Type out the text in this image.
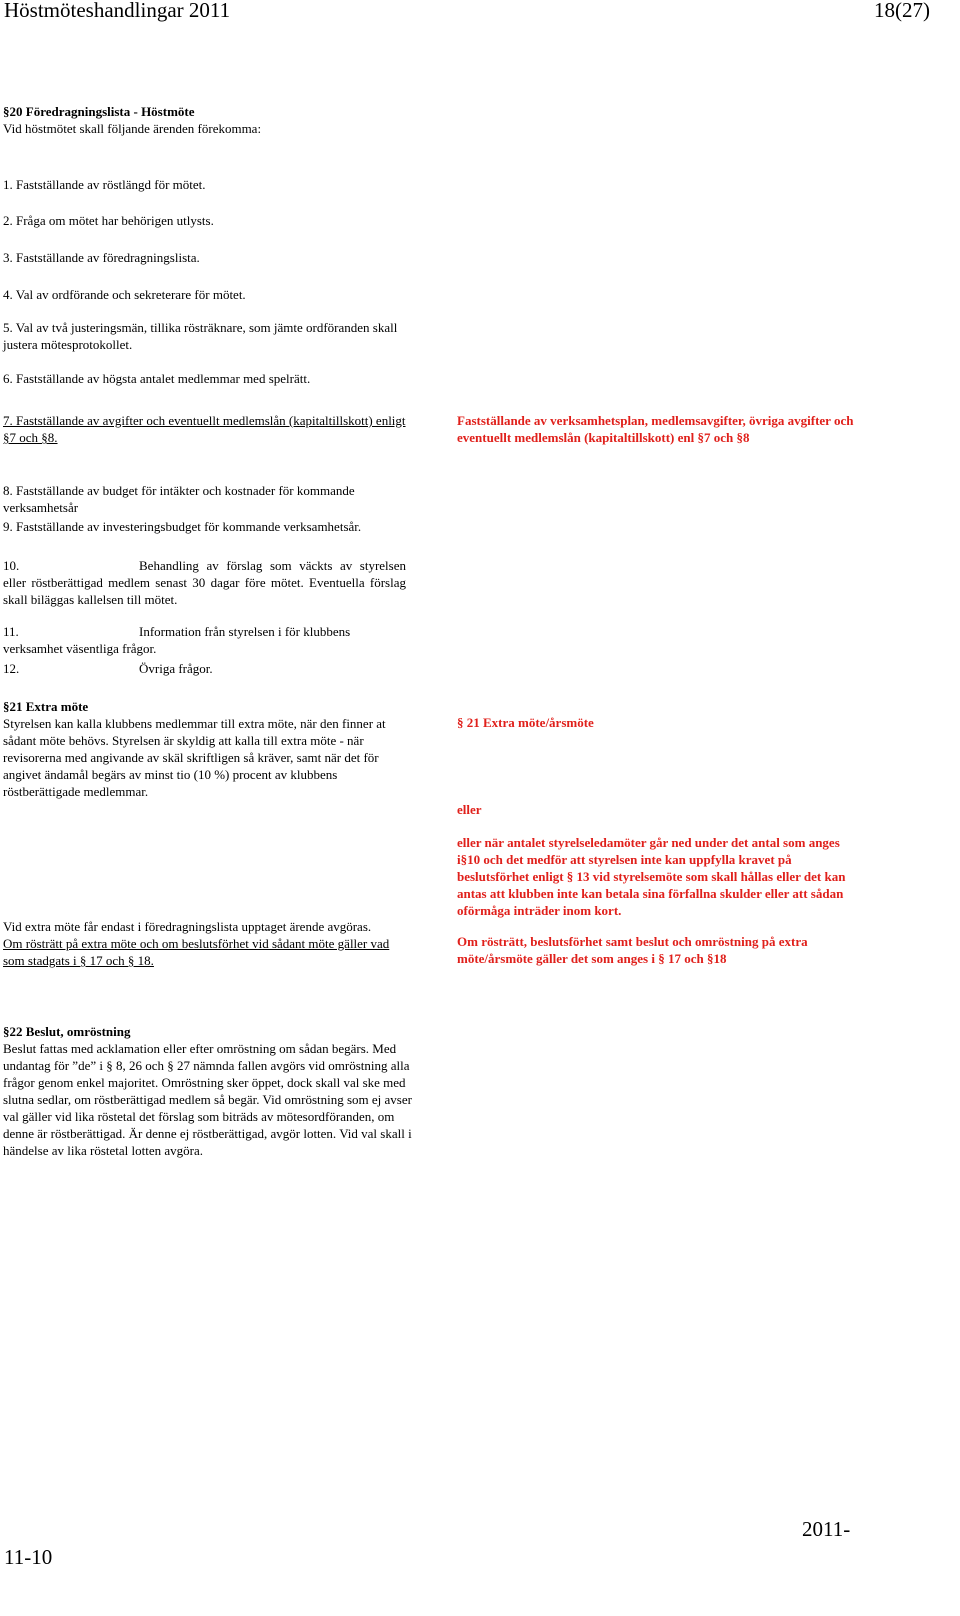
Höstmöteshandlingar 2011	18(27)
§20 Föredragningslista - Höstmöte
Vid höstmötet skall följande ärenden förekomma:
1. Fastställande av röstlängd för mötet.
2. Fråga om mötet har behörigen utlysts.
3. Fastställande av föredragningslista.
4. Val av ordförande och sekreterare för mötet.
5. Val av två justeringsmän, tillika rösträknare, som jämte ordföranden skall justera mötesprotokollet.
6. Fastställande av högsta antalet medlemmar med spelrätt.
7. Fastställande av avgifter och eventuellt medlemslån (kapitaltillskott) enligt §7 och §8.
Fastställande av verksamhetsplan, medlemsavgifter, övriga avgifter och eventuellt medlemslån (kapitaltillskott) enl §7 och §8
8. Fastställande av budget för intäkter och kostnader för kommande verksamhetsår
9. Fastställande av investeringsbudget för kommande verksamhetsår.
10.	Behandling av förslag som väckts av styrelsen eller röstberättigad medlem senast 30 dagar före mötet. Eventuella förslag skall biläggas kallelsen till mötet.
11.	Information från styrelsen i för klubbens
verksamhet väsentliga frågor.
12.	Övriga frågor.
§21 Extra möte
Styrelsen kan kalla klubbens medlemmar till extra möte, när den finner at sådant möte behövs. Styrelsen är skyldig att kalla till extra möte - när revisorerna med angivande av skäl skriftligen så kräver, samt när det för angivet ändamål begärs av minst tio (10 %) procent av klubbens röstberättigade medlemmar.
Vid extra möte får endast i föredragningslista upptaget ärende avgöras.
Om rösträtt på extra möte och om beslutsförhet vid sådant möte gäller vad som stadgats i § 17 och § 18.
§ 21 Extra möte/årsmöte
eller
eller när antalet styrelseledamöter går ned under det antal som anges i§10 och det medför att styrelsen inte kan uppfylla kravet på beslutsförhet enligt § 13 vid styrelsemöte som skall hållas eller det kan antas att klubben inte kan betala sina förfallna skulder eller att sådan oförmåga inträder inom kort.
Om rösträtt, beslutsförhet samt beslut och omröstning på extra möte/årsmöte gäller det som anges i § 17 och §18
§22 Beslut, omröstning
Beslut fattas med acklamation eller efter omröstning om sådan begärs. Med undantag för ”de” i § 8, 26 och § 27 nämnda fallen avgörs vid omröstning alla frågor genom enkel majoritet. Omröstning sker öppet, dock skall val ske med slutna sedlar, om röstberättigad medlem så begär. Vid omröstning som ej avser val gäller vid lika röstetal det förslag som biträds av mötesordföranden, om denne är röstberättigad. Är denne ej röstberättigad, avgör lotten. Vid val skall i händelse av lika röstetal lotten avgöra.
2011-
11-10
